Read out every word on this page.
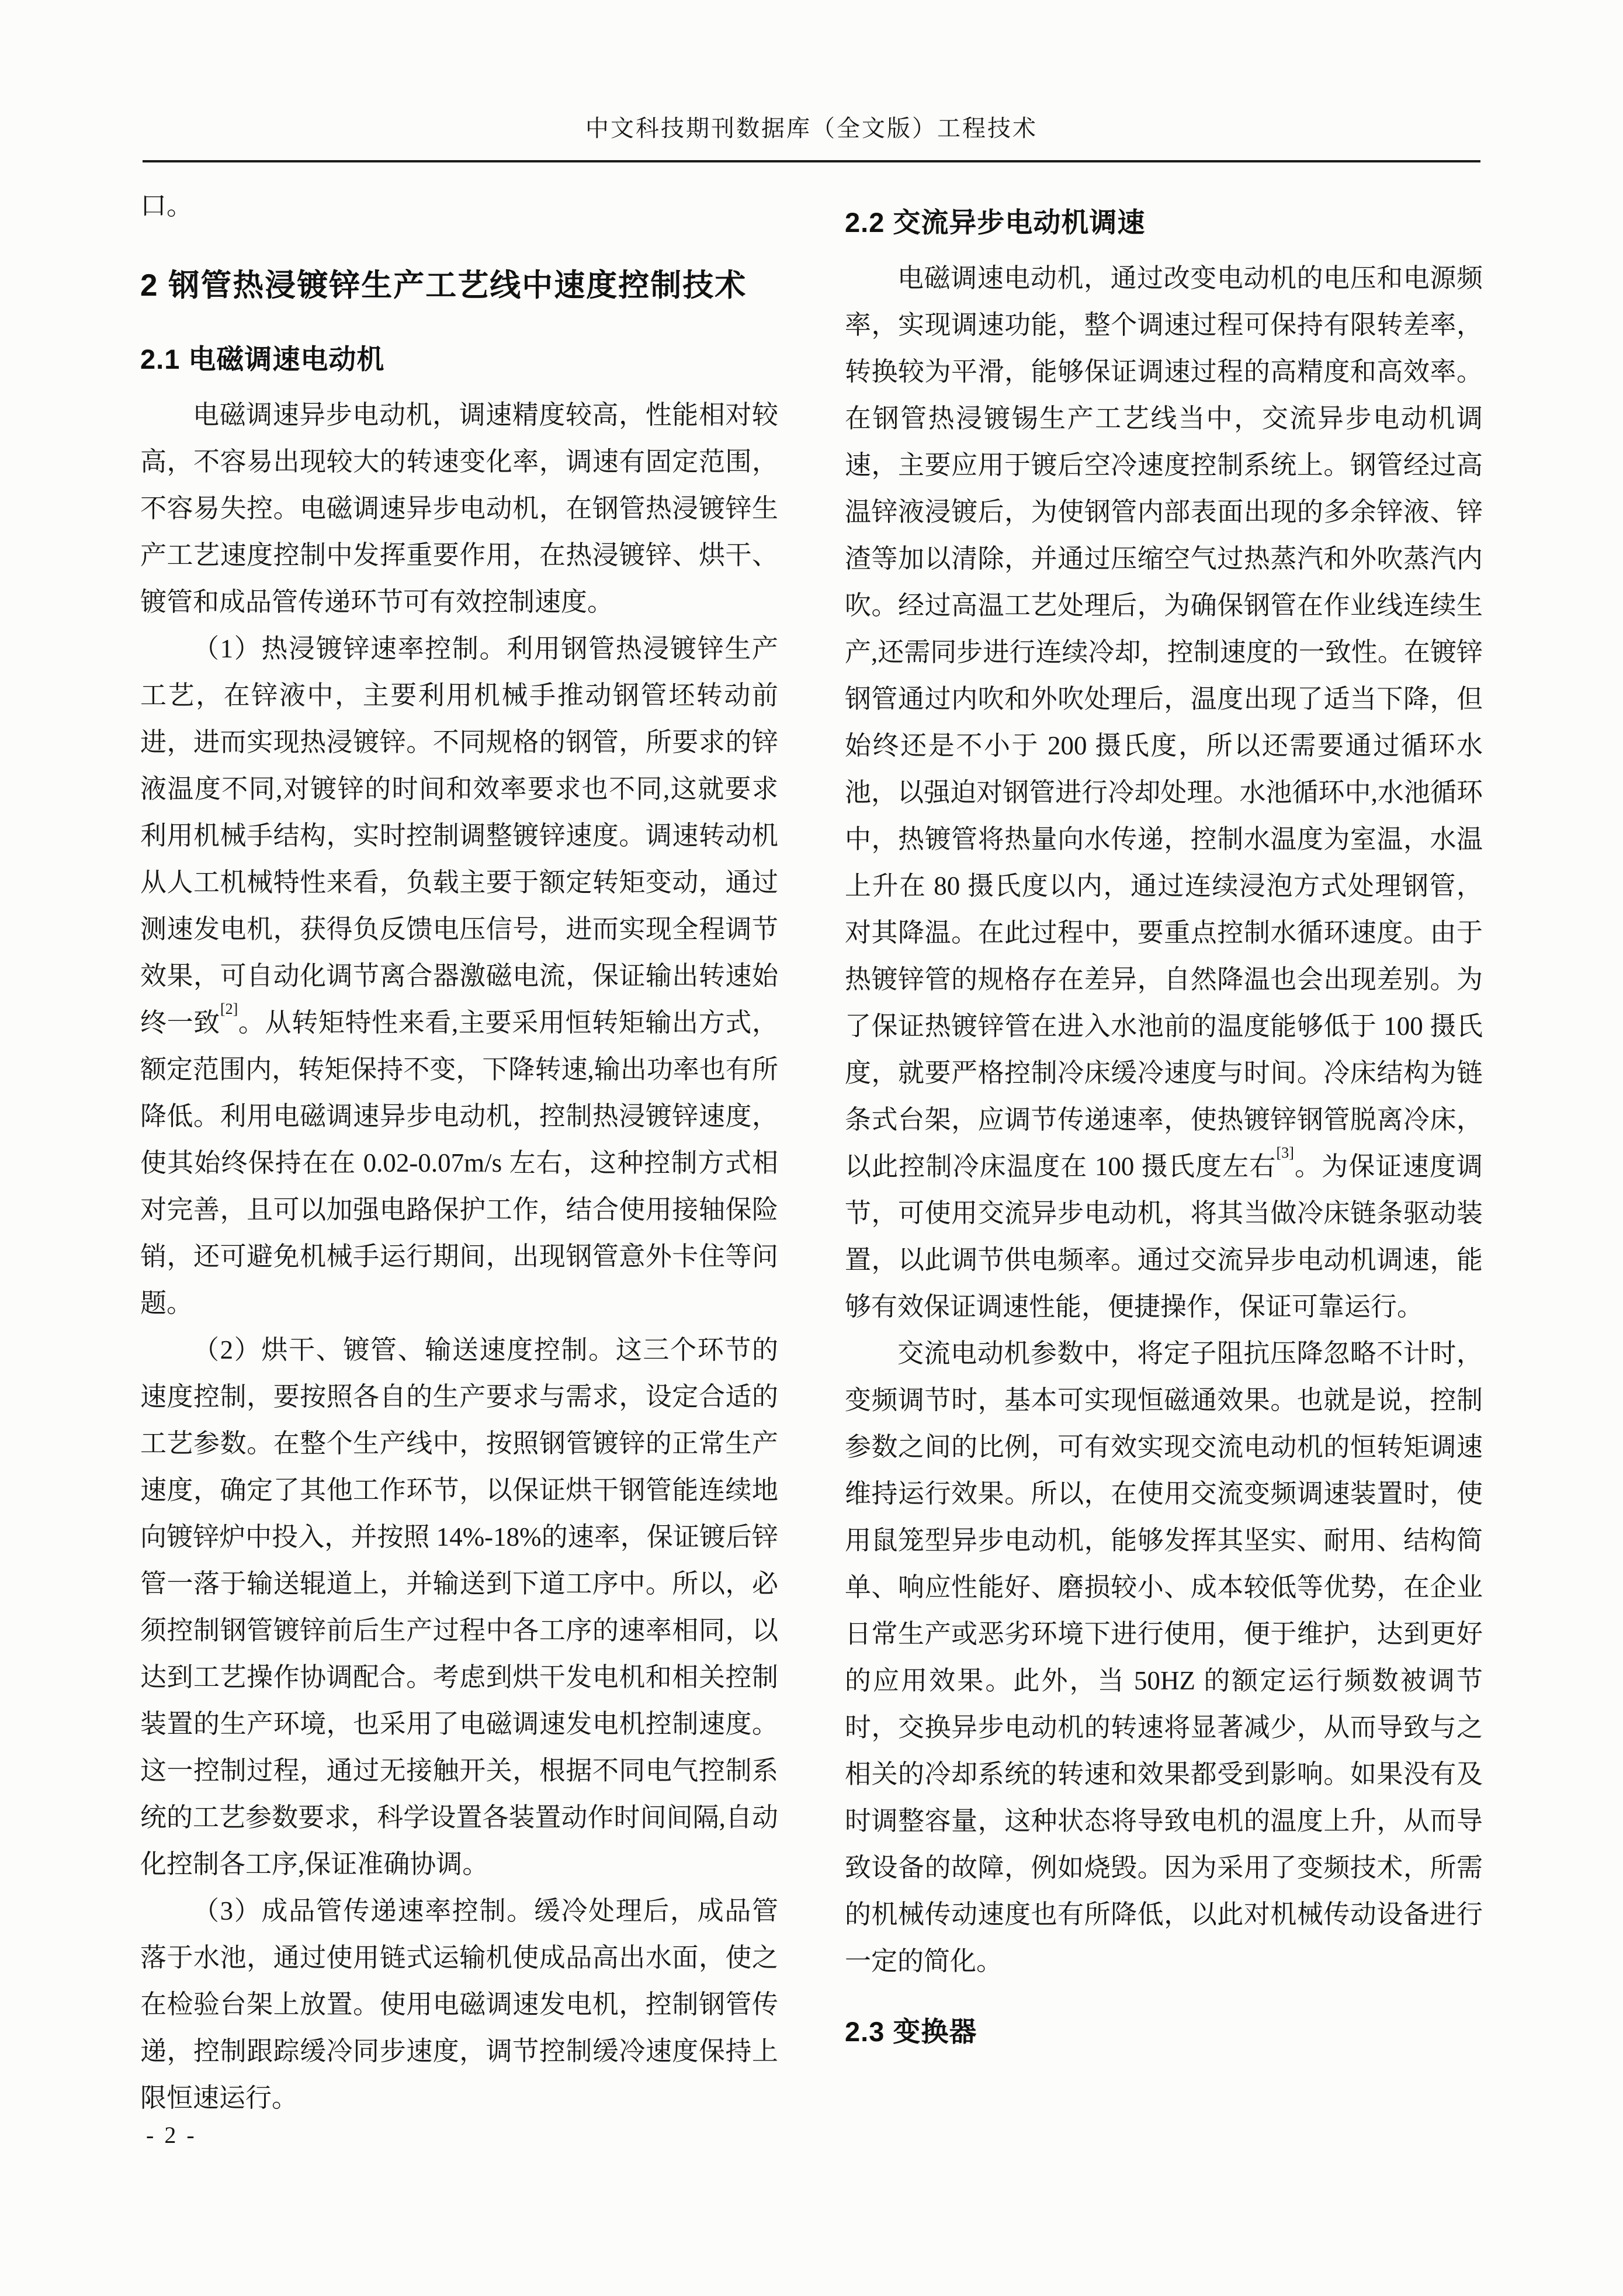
中文科技期刊数据库（全文版）工程技术

口。

2 钢管热浸镀锌生产工艺线中速度控制技术
2.1 电磁调速电动机

电磁调速异步电动机，调速精度较高，性能相对较高，不容易出现较大的转速变化率，调速有固定范围，不容易失控。电磁调速异步电动机，在钢管热浸镀锌生产工艺速度控制中发挥重要作用，在热浸镀锌、烘干、镀管和成品管传递环节可有效控制速度。

（1）热浸镀锌速率控制。利用钢管热浸镀锌生产工艺，在锌液中，主要利用机械手推动钢管坯转动前进，进而实现热浸镀锌。不同规格的钢管，所要求的锌液温度不同,对镀锌的时间和效率要求也不同,这就要求利用机械手结构，实时控制调整镀锌速度。调速转动机从人工机械特性来看，负载主要于额定转矩变动，通过测速发电机，获得负反馈电压信号，进而实现全程调节效果，可自动化调节离合器激磁电流，保证输出转速始终一致[2]。从转矩特性来看,主要采用恒转矩输出方式，额定范围内，转矩保持不变，下降转速,输出功率也有所降低。利用电磁调速异步电动机，控制热浸镀锌速度，使其始终保持在在 0.02-0.07m/s 左右，这种控制方式相对完善，且可以加强电路保护工作，结合使用接轴保险销，还可避免机械手运行期间，出现钢管意外卡住等问题。

（2）烘干、镀管、输送速度控制。这三个环节的速度控制，要按照各自的生产要求与需求，设定合适的工艺参数。在整个生产线中，按照钢管镀锌的正常生产速度，确定了其他工作环节，以保证烘干钢管能连续地向镀锌炉中投入，并按照 14%-18%的速率，保证镀后锌管一落于输送辊道上，并输送到下道工序中。所以，必须控制钢管镀锌前后生产过程中各工序的速率相同，以达到工艺操作协调配合。考虑到烘干发电机和相关控制装置的生产环境，也采用了电磁调速发电机控制速度。这一控制过程，通过无接触开关，根据不同电气控制系统的工艺参数要求，科学设置各装置动作时间间隔,自动化控制各工序,保证准确协调。

（3）成品管传递速率控制。缓冷处理后，成品管落于水池，通过使用链式运输机使成品高出水面，使之在检验台架上放置。使用电磁调速发电机，控制钢管传递，控制跟踪缓冷同步速度，调节控制缓冷速度保持上限恒速运行。

2.2 交流异步电动机调速

电磁调速电动机，通过改变电动机的电压和电源频率，实现调速功能，整个调速过程可保持有限转差率，转换较为平滑，能够保证调速过程的高精度和高效率。在钢管热浸镀锡生产工艺线当中，交流异步电动机调速，主要应用于镀后空冷速度控制系统上。钢管经过高温锌液浸镀后，为使钢管内部表面出现的多余锌液、锌渣等加以清除，并通过压缩空气过热蒸汽和外吹蒸汽内吹。经过高温工艺处理后，为确保钢管在作业线连续生产,还需同步进行连续冷却，控制速度的一致性。在镀锌钢管通过内吹和外吹处理后，温度出现了适当下降，但始终还是不小于 200 摄氏度，所以还需要通过循环水池，以强迫对钢管进行冷却处理。水池循环中,水池循环中，热镀管将热量向水传递，控制水温度为室温，水温上升在 80 摄氏度以内，通过连续浸泡方式处理钢管，对其降温。在此过程中，要重点控制水循环速度。由于热镀锌管的规格存在差异，自然降温也会出现差别。为了保证热镀锌管在进入水池前的温度能够低于 100 摄氏度，就要严格控制冷床缓冷速度与时间。冷床结构为链条式台架，应调节传递速率，使热镀锌钢管脱离冷床，以此控制冷床温度在 100 摄氏度左右[3]。为保证速度调节，可使用交流异步电动机，将其当做冷床链条驱动装置，以此调节供电频率。通过交流异步电动机调速，能够有效保证调速性能，便捷操作，保证可靠运行。

交流电动机参数中，将定子阻抗压降忽略不计时，变频调节时，基本可实现恒磁通效果。也就是说，控制参数之间的比例，可有效实现交流电动机的恒转矩调速维持运行效果。所以，在使用交流变频调速装置时，使用鼠笼型异步电动机，能够发挥其坚实、耐用、结构简单、响应性能好、磨损较小、成本较低等优势，在企业日常生产或恶劣环境下进行使用，便于维护，达到更好的应用效果。此外，当 50HZ 的额定运行频数被调节时，交换异步电动机的转速将显著减少，从而导致与之相关的冷却系统的转速和效果都受到影响。如果没有及时调整容量，这种状态将导致电机的温度上升，从而导致设备的故障，例如烧毁。因为采用了变频技术，所需的机械传动速度也有所降低，以此对机械传动设备进行一定的简化。

2.3 变换器
- 2 -
